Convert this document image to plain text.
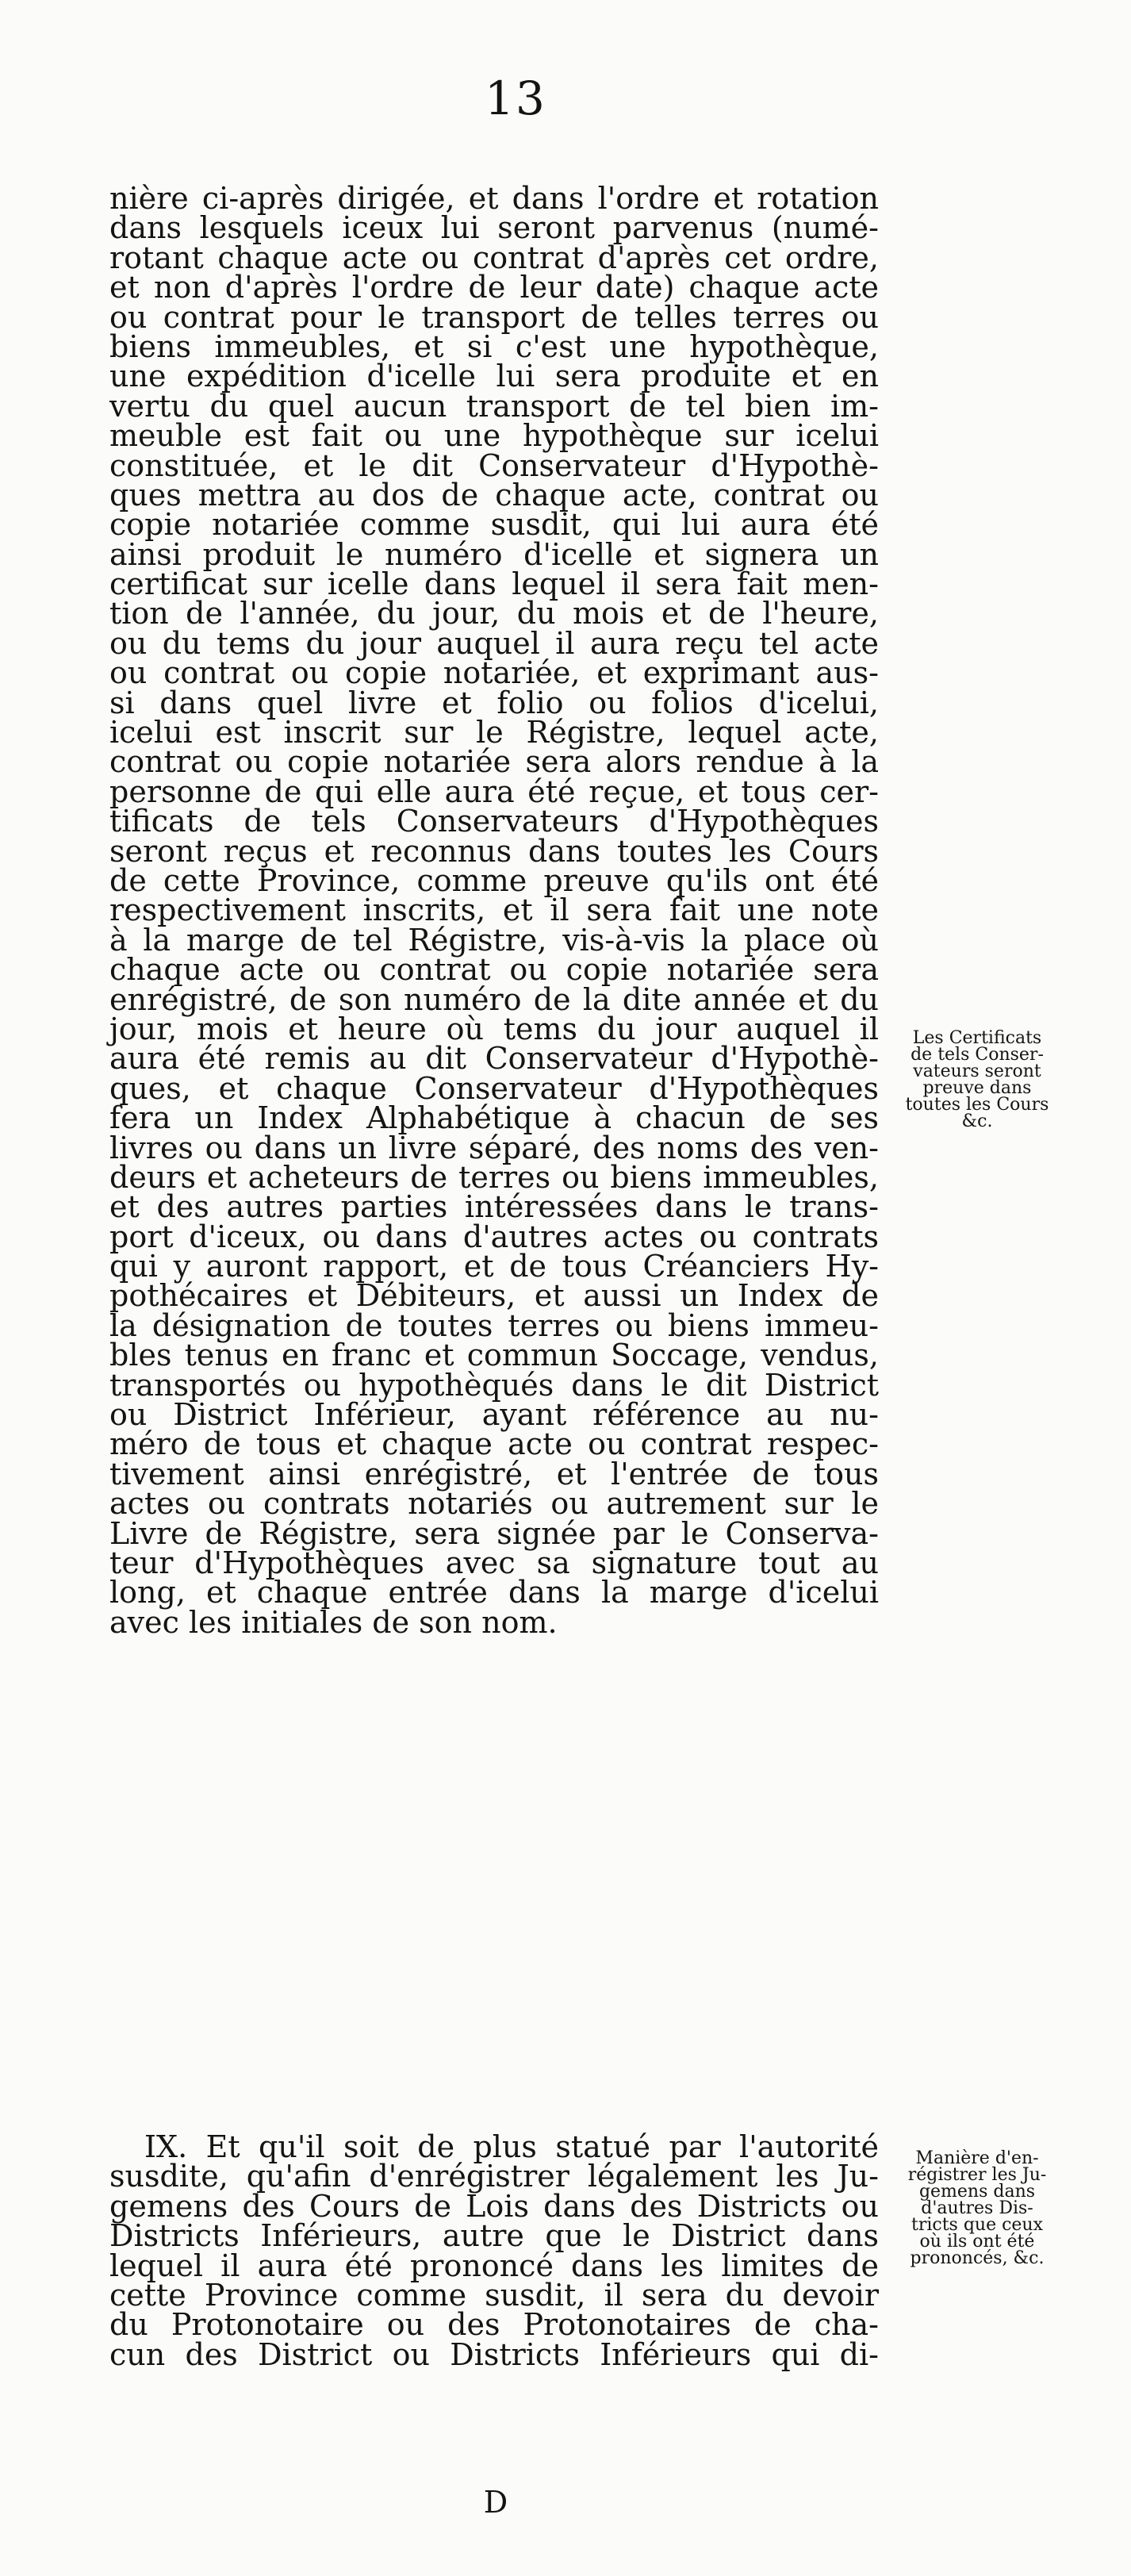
13
nière ci-après dirigée, et dans l'ordre et rotation
dans lesquels iceux lui seront parvenus (numé-
rotant chaque acte ou contrat d'après cet ordre,
et non d'après l'ordre de leur date) chaque acte
ou contrat pour le transport de telles terres ou
biens immeubles, et si c'est une hypothèque,
une expédition d'icelle lui sera produite et en
vertu du quel aucun transport de tel bien im-
meuble est fait ou une hypothèque sur icelui
constituée, et le dit Conservateur d'Hypothè-
ques mettra au dos de chaque acte, contrat ou
copie notariée comme susdit, qui lui aura été
ainsi produit le numéro d'icelle et signera un
certificat sur icelle dans lequel il sera fait men-
tion de l'année, du jour, du mois et de l'heure,
ou du tems du jour auquel il aura reçu tel acte
ou contrat ou copie notariée, et exprimant aus-
si dans quel livre et folio ou folios d'icelui,
icelui est inscrit sur le Régistre, lequel acte,
contrat ou copie notariée sera alors rendue à la
personne de qui elle aura été reçue, et tous cer-
tificats de tels Conservateurs d'Hypothèques
seront reçus et reconnus dans toutes les Cours
de cette Province, comme preuve qu'ils ont été
respectivement inscrits, et il sera fait une note
à la marge de tel Régistre, vis-à-vis la place où
chaque acte ou contrat ou copie notariée sera
enrégistré, de son numéro de la dite année et du
jour, mois et heure où tems du jour auquel il
aura été remis au dit Conservateur d'Hypothè-
ques, et chaque Conservateur d'Hypothèques
fera un Index Alphabétique à chacun de ses
livres ou dans un livre séparé, des noms des ven-
deurs et acheteurs de terres ou biens immeubles,
et des autres parties intéressées dans le trans-
port d'iceux, ou dans d'autres actes ou contrats
qui y auront rapport, et de tous Créanciers Hy-
pothécaires et Débiteurs, et aussi un Index de
la désignation de toutes terres ou biens immeu-
bles tenus en franc et commun Soccage, vendus,
transportés ou hypothèqués dans le dit District
ou District Inférieur, ayant référence au nu-
méro de tous et chaque acte ou contrat respec-
tivement ainsi enrégistré, et l'entrée de tous
actes ou contrats notariés ou autrement sur le
Livre de Régistre, sera signée par le Conserva-
teur d'Hypothèques avec sa signature tout au
long, et chaque entrée dans la marge d'icelui
avec les initiales de son nom.
Les Certificats
de tels Conser-
vateurs seront
preuve dans
toutes les Cours
&c.
IX. Et qu'il soit de plus statué par l'autorité
susdite, qu'afin d'enrégistrer légalement les Ju-
gemens des Cours de Lois dans des Districts ou
Districts Inférieurs, autre que le District dans
lequel il aura été prononcé dans les limites de
cette Province comme susdit, il sera du devoir
du Protonotaire ou des Protonotaires de cha-
cun des District ou Districts Inférieurs qui di-
Manière d'en-
régistrer les Ju-
gemens dans
d'autres Dis-
tricts que ceux
où ils ont été
prononcés, &c.
D
